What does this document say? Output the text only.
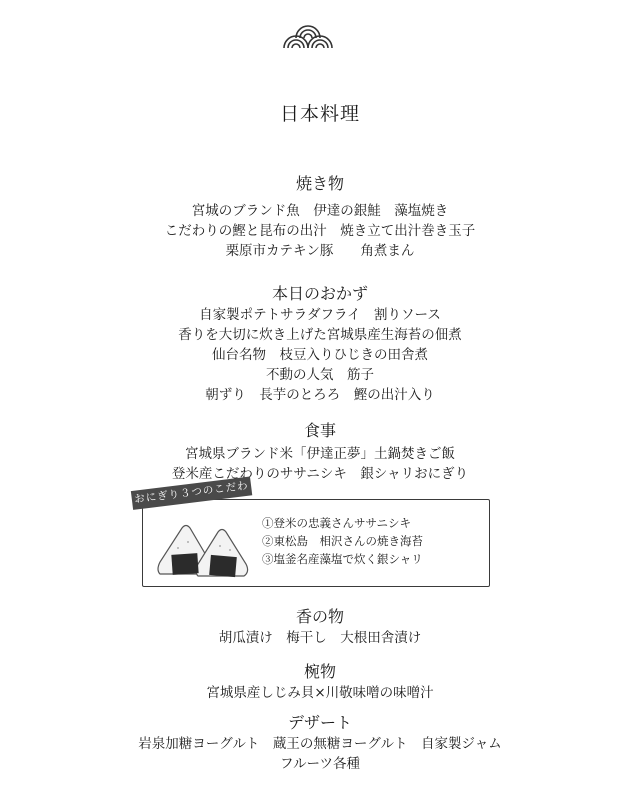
日本料理
焼き物
宮城のブランド魚　伊達の銀鮭　藻塩焼き
こだわりの鰹と昆布の出汁　焼き立て出汁巻き玉子
栗原市カテキン豚　　角煮まん
本日のおかず
自家製ポテトサラダフライ　割りソース
香りを大切に炊き上げた宮城県産生海苔の佃煮
仙台名物　枝豆入りひじきの田舎煮
不動の人気　筋子
朝ずり　長芋のとろろ　鰹の出汁入り
食事
宮城県ブランド米「伊達正夢」土鍋焚きご飯
登米産こだわりのササニシキ　銀シャリおにぎり
おにぎり３つのこだわり
①登米の忠義さんササニシキ
②東松島　相沢さんの焼き海苔
③塩釜名産藻塩で炊く銀シャリ
香の物
胡瓜漬け　梅干し　大根田舎漬け
椀物
宮城県産しじみ貝×川敬味噌の味噌汁
デザート
岩泉加糖ヨーグルト　蔵王の無糖ヨーグルト　自家製ジャム
フルーツ各種
